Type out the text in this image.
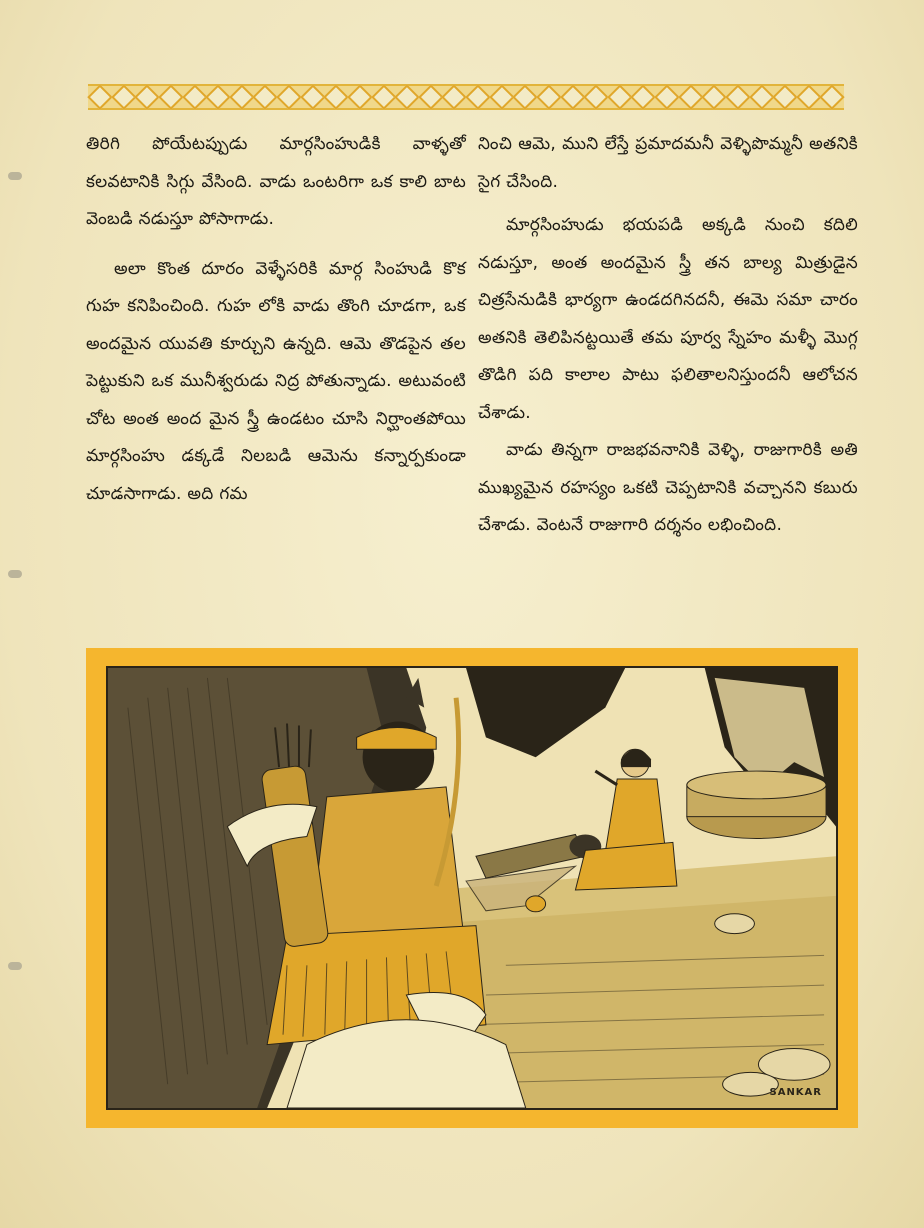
తిరిగి పోయేటప్పుడు మార్గసింహుడికి వాళ్ళతో కలవటానికి సిగ్గు వేసింది. వాడు ఒంటరిగా ఒక కాలి బాట వెంబడి నడుస్తూ పోసాగాడు.

అలా కొంత దూరం వెళ్ళేసరికి మార్గ సింహుడి కొక గుహ కనిపించింది. గుహ లోకి వాడు తొంగి చూడగా, ఒక అందమైన యువతి కూర్చుని ఉన్నది. ఆమె తొడపైన తల పెట్టుకుని ఒక మునీశ్వరుడు నిద్ర పోతున్నాడు. అటువంటి చోట అంత అంద మైన స్త్రీ ఉండటం చూసి నిర్ఘాంతపోయి మార్గసింహు డక్కడే నిలబడి ఆమెను కన్నార్పకుండా చూడసాగాడు. అది గమ

నించి ఆమె, ముని లేస్తే ప్రమాదమనీ వెళ్ళిపొమ్మనీ అతనికి సైగ చేసింది.

మార్గసింహుడు భయపడి అక్కడి నుంచి కదిలి నడుస్తూ, అంత అందమైన స్త్రీ తన బాల్య మిత్రుడైన చిత్రసేనుడికి భార్యగా ఉండదగినదనీ, ఈమె సమా చారం అతనికి తెలిపినట్టయితే తమ పూర్వ స్నేహం మళ్ళీ మొగ్గ తొడిగి పది కాలాల పాటు ఫలితాలనిస్తుందనీ ఆలోచన చేశాడు.

వాడు తిన్నగా రాజభవనానికి వెళ్ళి, రాజుగారికి అతి ముఖ్యమైన రహస్యం ఒకటి చెప్పటానికి వచ్చానని కబురు చేశాడు. వెంటనే రాజుగారి దర్శనం లభించింది.

SANKAR
